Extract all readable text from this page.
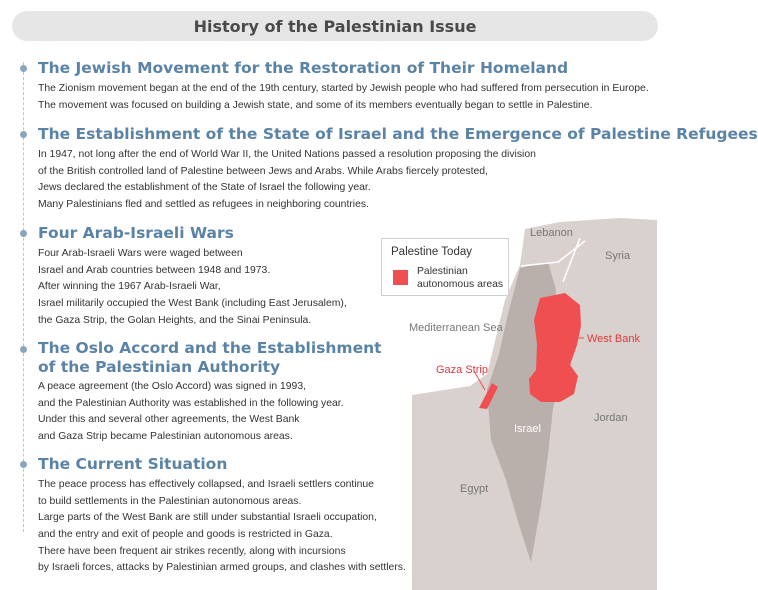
History of the Palestinian Issue
Lebanon
Syria
Mediterranean Sea
West Bank
Gaza Strip
Israel
Jordan
Egypt
Palestine Today
Palestinian
autonomous areas
The Jewish Movement for the Restoration of Their Homeland
The Zionism movement began at the end of the 19th century, started by Jewish people who had suffered from persecution in Europe.
The movement was focused on building a Jewish state, and some of its members eventually began to settle in Palestine.
The Establishment of the State of Israel and the Emergence of Palestine Refugees
In 1947, not long after the end of World War II, the United Nations passed a resolution proposing the division
of the British controlled land of Palestine between Jews and Arabs. While Arabs fiercely protested,
Jews declared the establishment of the State of Israel the following year.
Many Palestinians fled and settled as refugees in neighboring countries.
Four Arab-Israeli Wars
Four Arab-Israeli Wars were waged between
Israel and Arab countries between 1948 and 1973.
After winning the 1967 Arab-Israeli War,
Israel militarily occupied the West Bank (including East Jerusalem),
the Gaza Strip, the Golan Heights, and the Sinai Peninsula.
The Oslo Accord and the Establishment
of the Palestinian Authority
A peace agreement (the Oslo Accord) was signed in 1993,
and the Palestinian Authority was established in the following year.
Under this and several other agreements, the West Bank
and Gaza Strip became Palestinian autonomous areas.
The Current Situation
The peace process has effectively collapsed, and Israeli settlers continue
to build settlements in the Palestinian autonomous areas.
Large parts of the West Bank are still under substantial Israeli occupation,
and the entry and exit of people and goods is restricted in Gaza.
There have been frequent air strikes recently, along with incursions
by Israeli forces, attacks by Palestinian armed groups, and clashes with settlers.
